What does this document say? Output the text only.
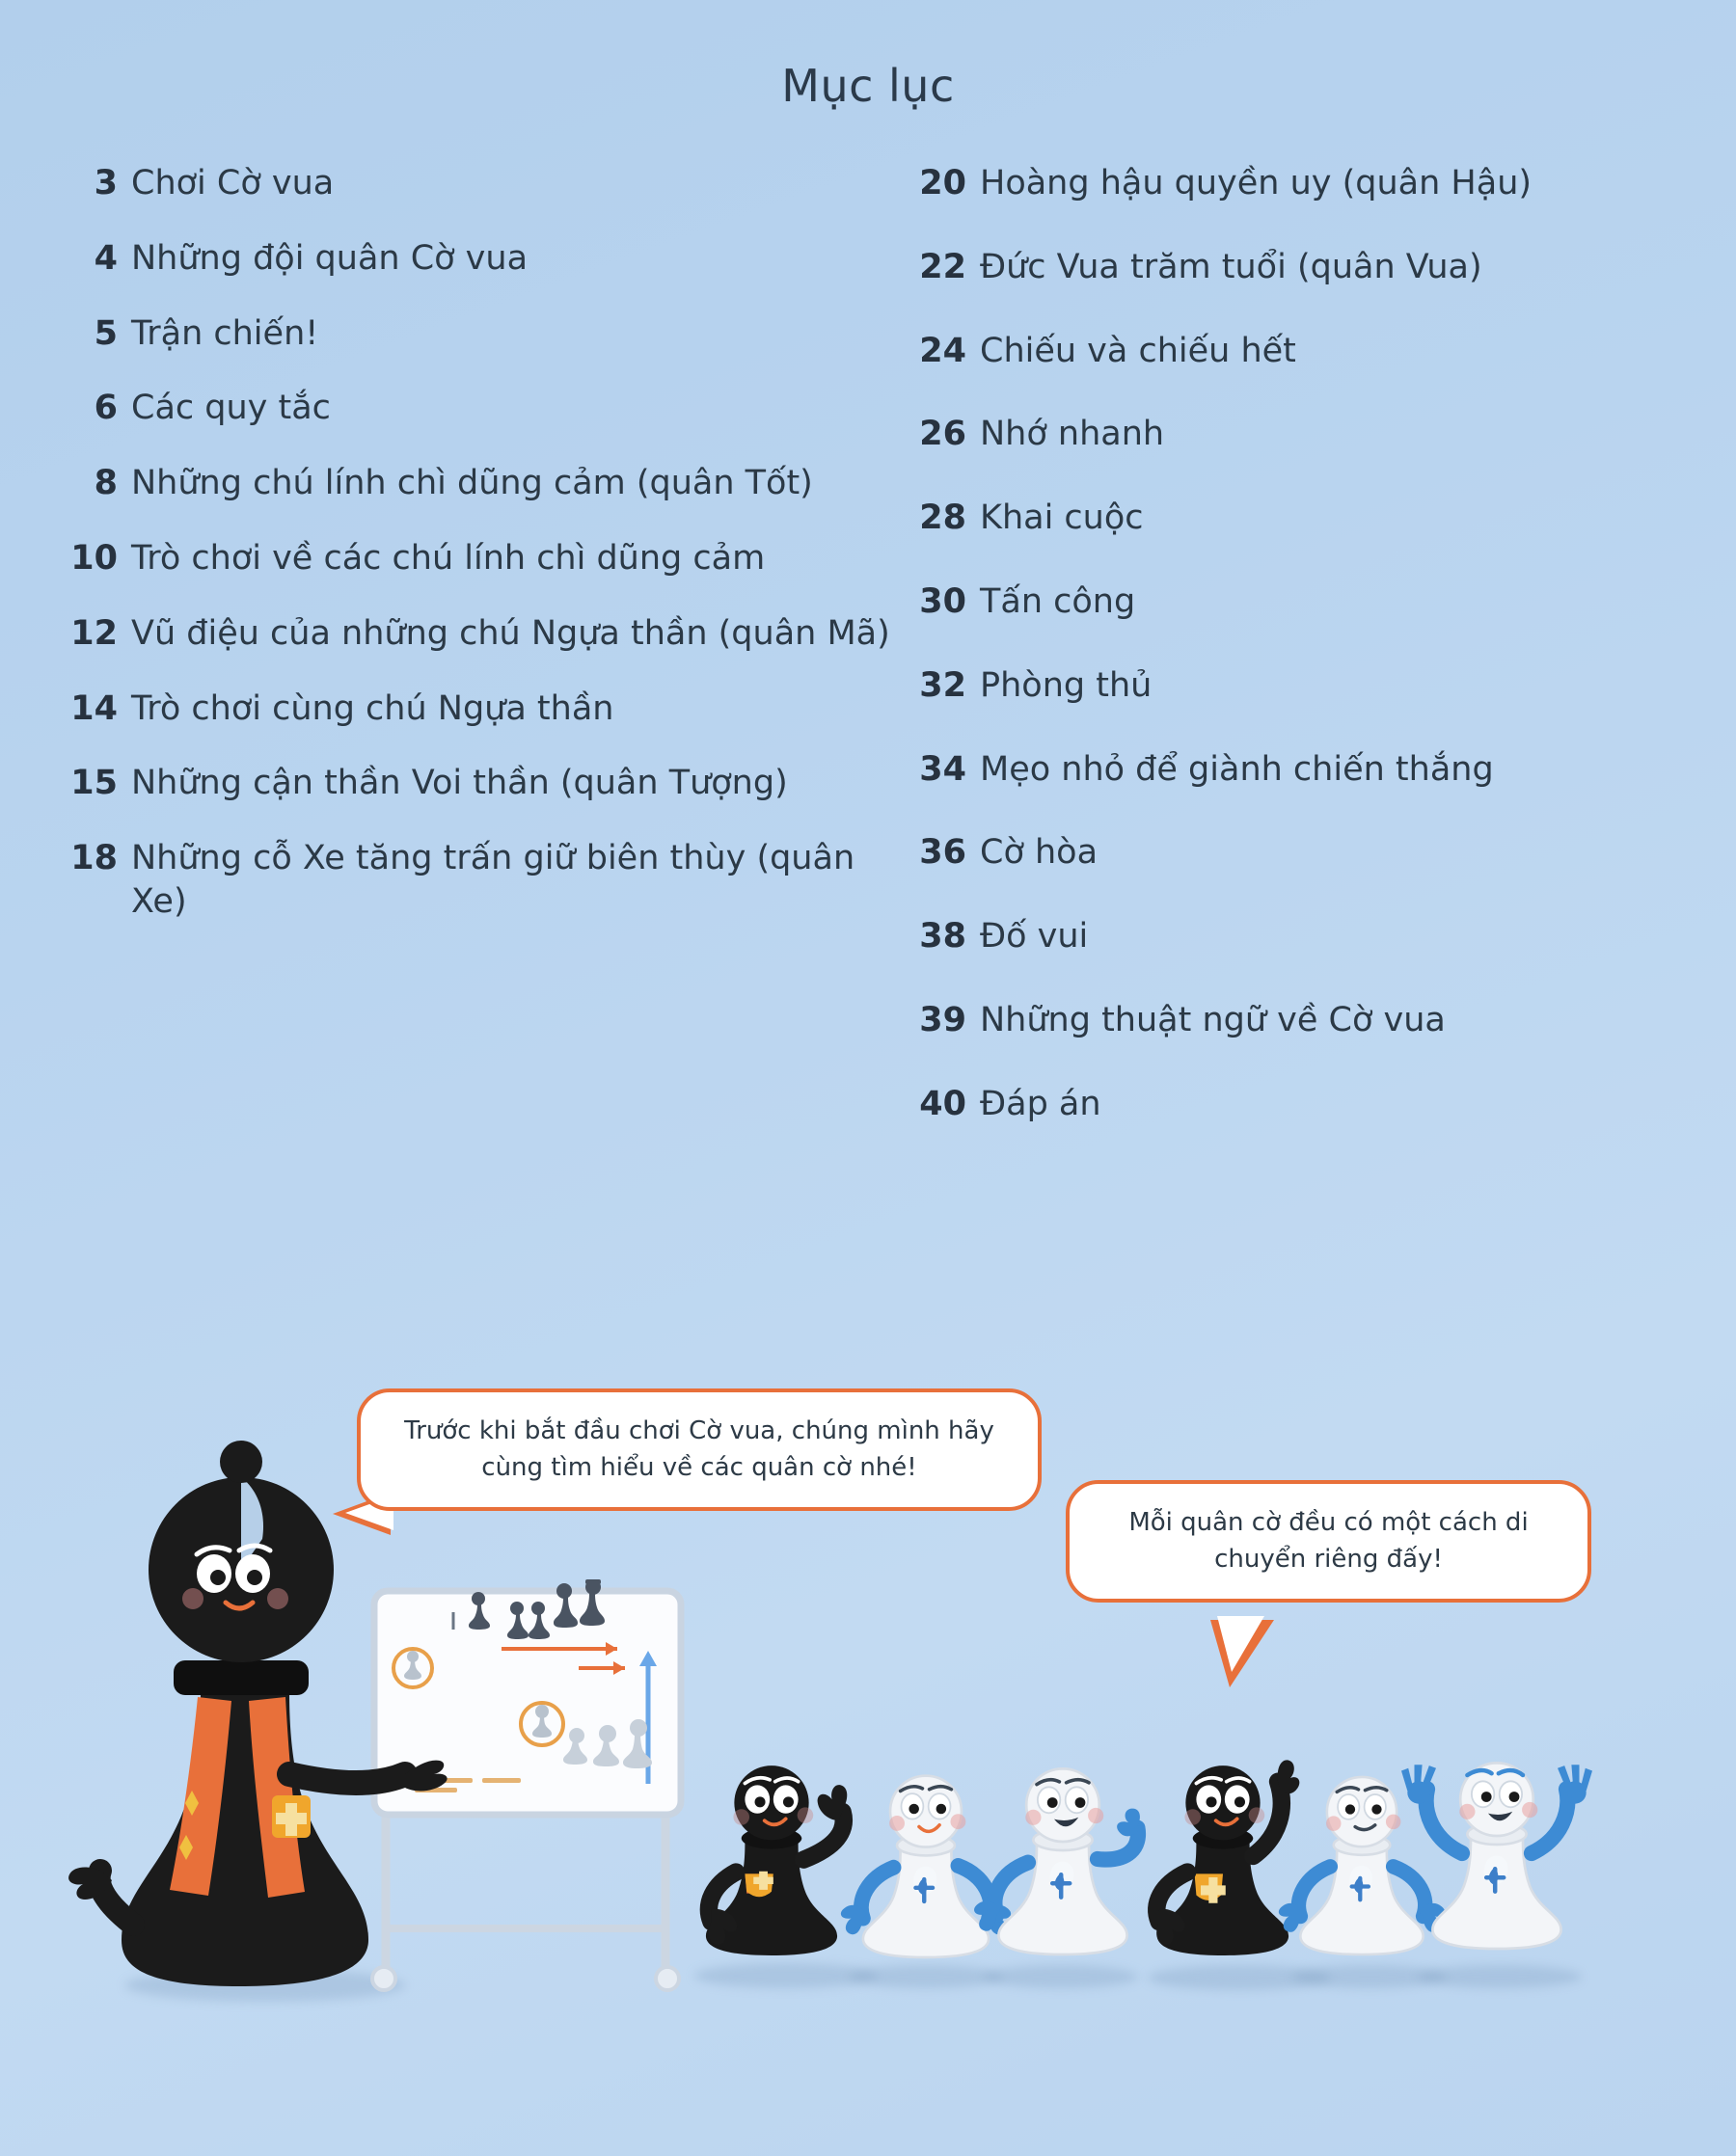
Mục lục
3 Chơi Cờ vua
4 Những đội quân Cờ vua
5 Trận chiến!
6 Các quy tắc
8 Những chú lính chì dũng cảm (quân Tốt)
10 Trò chơi về các chú lính chì dũng cảm
12 Vũ điệu của những chú Ngựa thần (quân Mã)
14 Trò chơi cùng chú Ngựa thần
15 Những cận thần Voi thần (quân Tượng)
18 Những cỗ Xe tăng trấn giữ biên thùy (quân Xe)
20 Hoàng hậu quyền uy (quân Hậu)
22 Đức Vua trăm tuổi (quân Vua)
24 Chiếu và chiếu hết
26 Nhớ nhanh
28 Khai cuộc
30 Tấn công
32 Phòng thủ
34 Mẹo nhỏ để giành chiến thắng
36 Cờ hòa
38 Đố vui
39 Những thuật ngữ về Cờ vua
40 Đáp án
Trước khi bắt đầu chơi Cờ vua, chúng mình hãy cùng tìm hiểu về các quân cờ nhé!
Mỗi quân cờ đều có một cách di chuyển riêng đấy!
